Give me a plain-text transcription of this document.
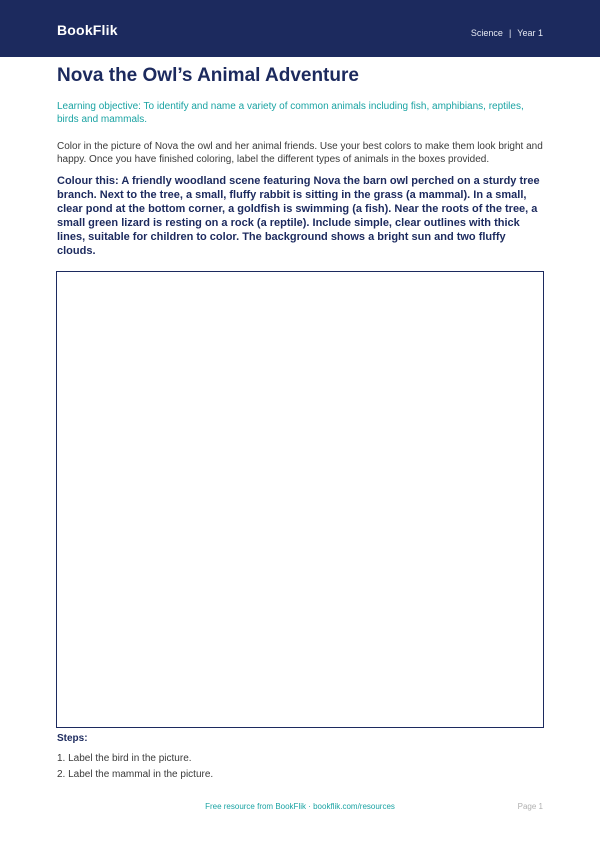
BookFlik	Science | Year 1
Nova the Owl’s Animal Adventure

Learning objective: To identify and name a variety of common animals including fish, amphibians, reptiles, birds and mammals.

Color in the picture of Nova the owl and her animal friends. Use your best colors to make them look bright and happy. Once you have finished coloring, label the different types of animals in the boxes provided.

Colour this: A friendly woodland scene featuring Nova the barn owl perched on a sturdy tree branch. Next to the tree, a small, fluffy rabbit is sitting in the grass (a mammal). In a small, clear pond at the bottom corner, a goldfish is swimming (a fish). Near the roots of the tree, a small green lizard is resting on a rock (a reptile). Include simple, clear outlines with thick lines, suitable for children to color. The background shows a bright sun and two fluffy clouds.

Steps:
1. Label the bird in the picture.
2. Label the mammal in the picture.
Free resource from BookFlik · bookflik.com/resources	Page 1
